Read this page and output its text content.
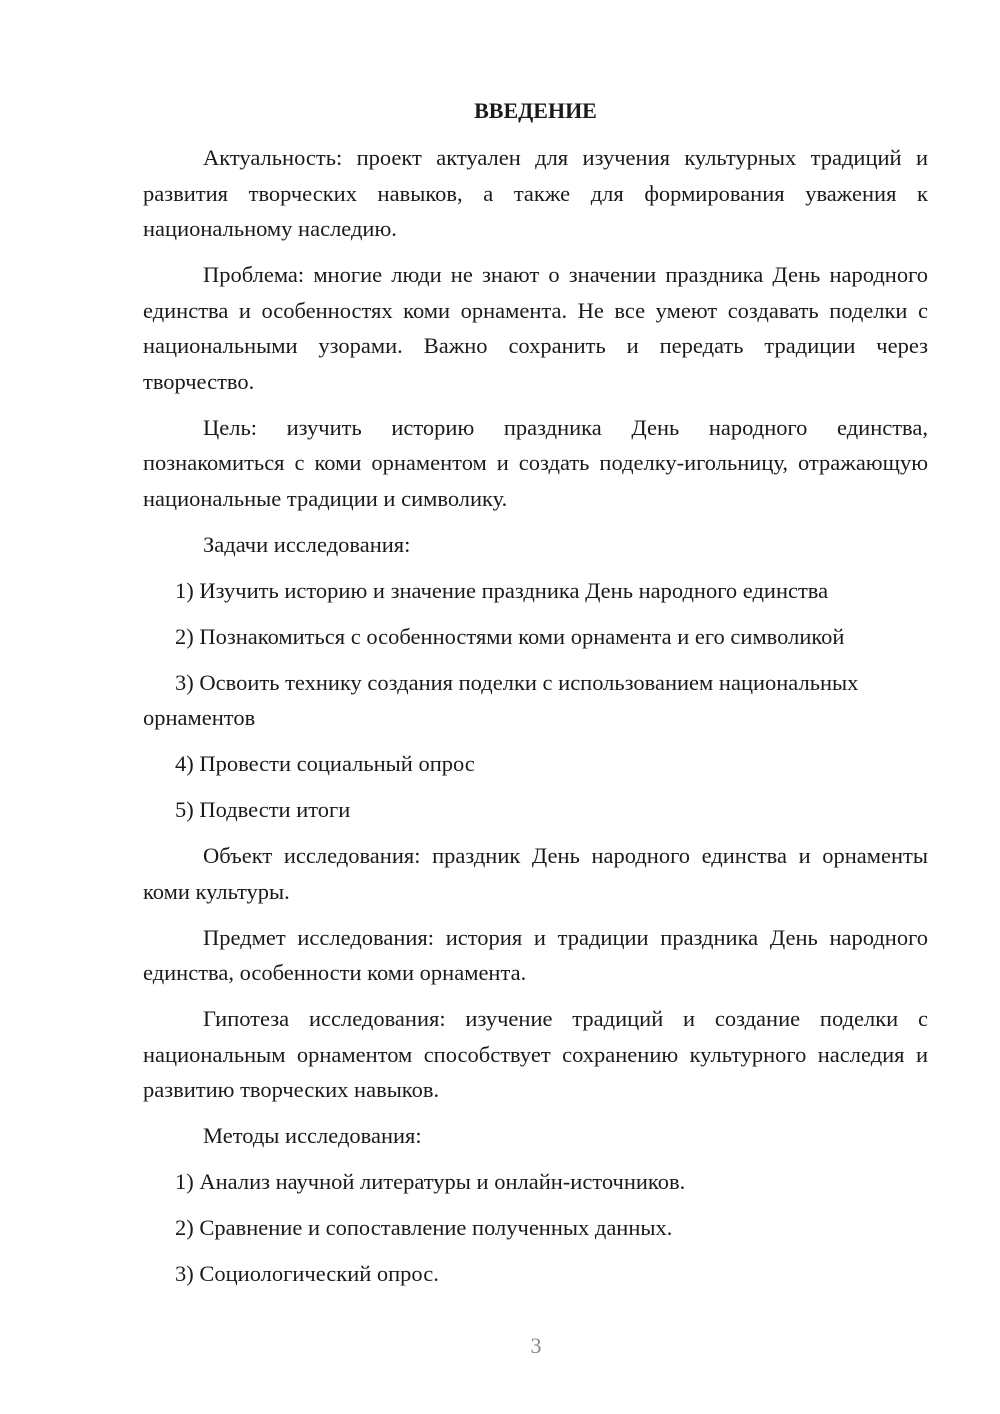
ВВЕДЕНИЕ

Актуальность: проект актуален для изучения культурных традиций и развития творческих навыков, а также для формирования уважения к национальному наследию.

Проблема: многие люди не знают о значении праздника День народного единства и особенностях коми орнамента. Не все умеют создавать поделки с национальными узорами. Важно сохранить и передать традиции через творчество.

Цель: изучить историю праздника День народного единства, познакомиться с коми орнаментом и создать поделку-игольницу, отражающую национальные традиции и символику.

Задачи исследования:

1) Изучить историю и значение праздника День народного единства

2) Познакомиться с особенностями коми орнамента и его символикой

3) Освоить технику создания поделки с использованием национальных орнаментов

4) Провести социальный опрос

5) Подвести итоги

Объект исследования: праздник День народного единства и орнаменты коми культуры.

Предмет исследования: история и традиции праздника День народного единства, особенности коми орнамента.

Гипотеза исследования: изучение традиций и создание поделки с национальным орнаментом способствует сохранению культурного наследия и развитию творческих навыков.

Методы исследования:

1) Анализ научной литературы и онлайн-источников.

2) Сравнение и сопоставление полученных данных.

3) Социологический опрос.

3
